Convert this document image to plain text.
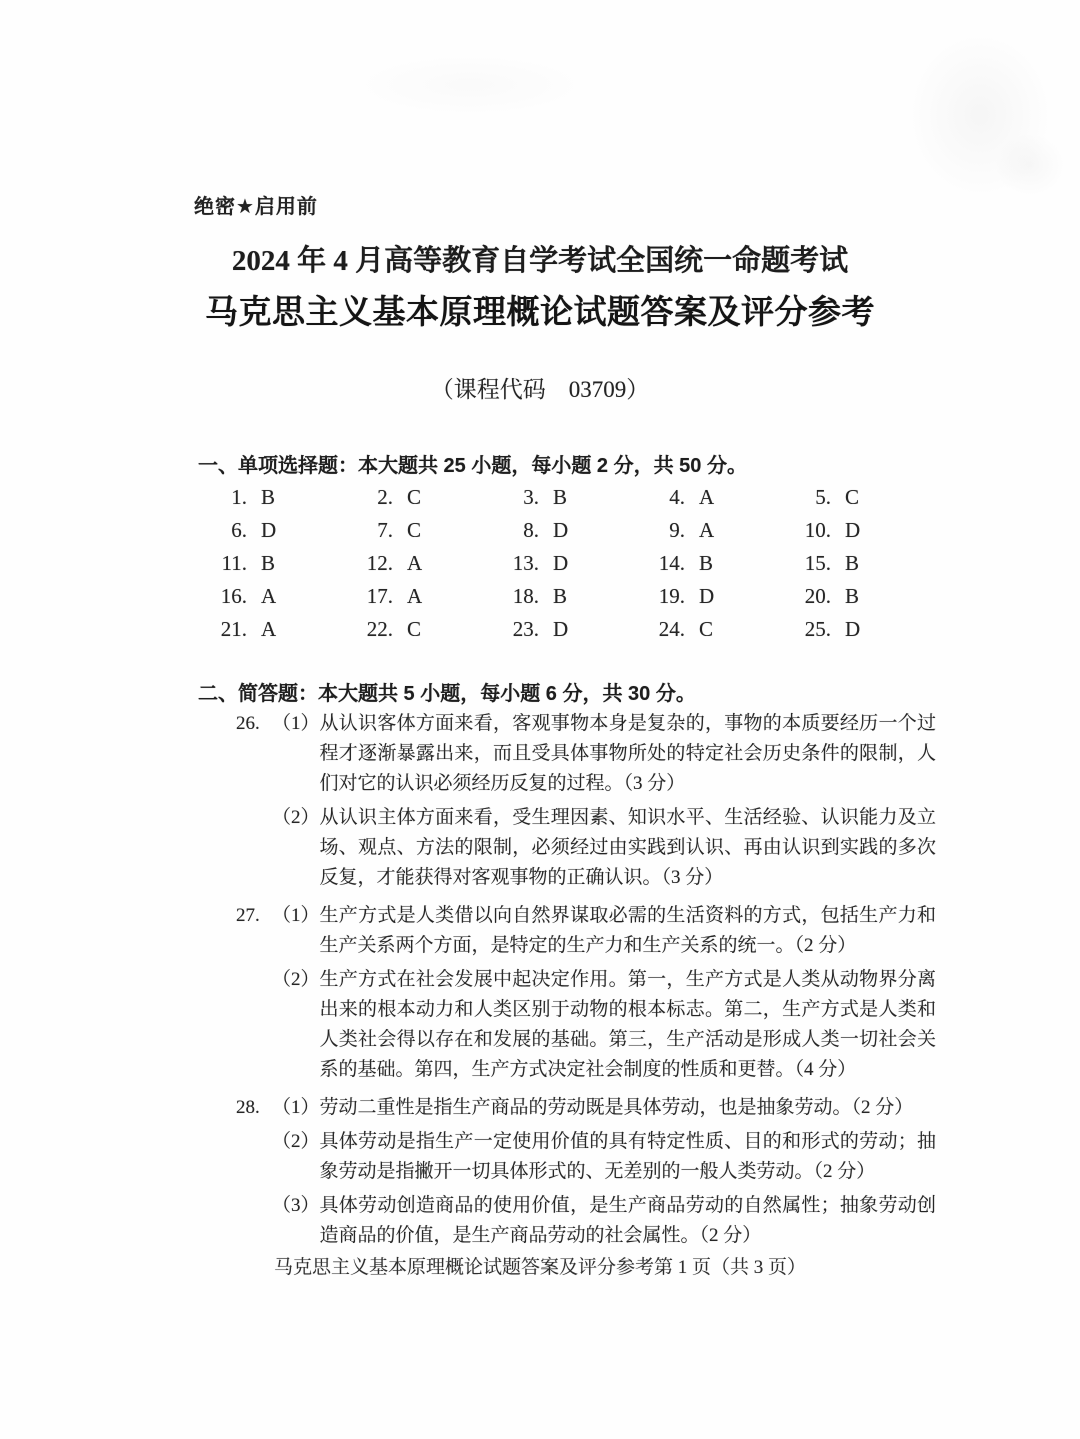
绝密★启用前
2024 年 4 月高等教育自学考试全国统一命题考试
马克思主义基本原理概论试题答案及评分参考
（课程代码　03709）
一、单项选择题：本大题共 25 小题，每小题 2 分，共 50 分。
1. B	2. C	3. B	4. A	5. C
6. D	7. C	8. D	9. A	10. D
11. B	12. A	13. D	14. B	15. B
16. A	17. A	18. B	19. D	20. B
21. A	22. C	23. D	24. C	25. D
二、简答题：本大题共 5 小题，每小题 6 分，共 30 分。
26. （1） 从认识客体方面来看，客观事物本身是复杂的，事物的本质要经历一个过程才逐渐暴露出来，而且受具体事物所处的特定社会历史条件的限制，人们对它的认识必须经历反复的过程。（3 分）
（2） 从认识主体方面来看，受生理因素、知识水平、生活经验、认识能力及立场、观点、方法的限制，必须经过由实践到认识、再由认识到实践的多次反复，才能获得对客观事物的正确认识。（3 分）
27. （1） 生产方式是人类借以向自然界谋取必需的生活资料的方式，包括生产力和生产关系两个方面，是特定的生产力和生产关系的统一。（2 分）
（2） 生产方式在社会发展中起决定作用。第一，生产方式是人类从动物界分离出来的根本动力和人类区别于动物的根本标志。第二，生产方式是人类和人类社会得以存在和发展的基础。第三，生产活动是形成人类一切社会关系的基础。第四，生产方式决定社会制度的性质和更替。（4 分）
28. （1） 劳动二重性是指生产商品的劳动既是具体劳动，也是抽象劳动。（2 分）
（2） 具体劳动是指生产一定使用价值的具有特定性质、目的和形式的劳动；抽象劳动是指撇开一切具体形式的、无差别的一般人类劳动。（2 分）
（3） 具体劳动创造商品的使用价值，是生产商品劳动的自然属性；抽象劳动创造商品的价值，是生产商品劳动的社会属性。（2 分）
马克思主义基本原理概论试题答案及评分参考第 1 页（共 3 页）
